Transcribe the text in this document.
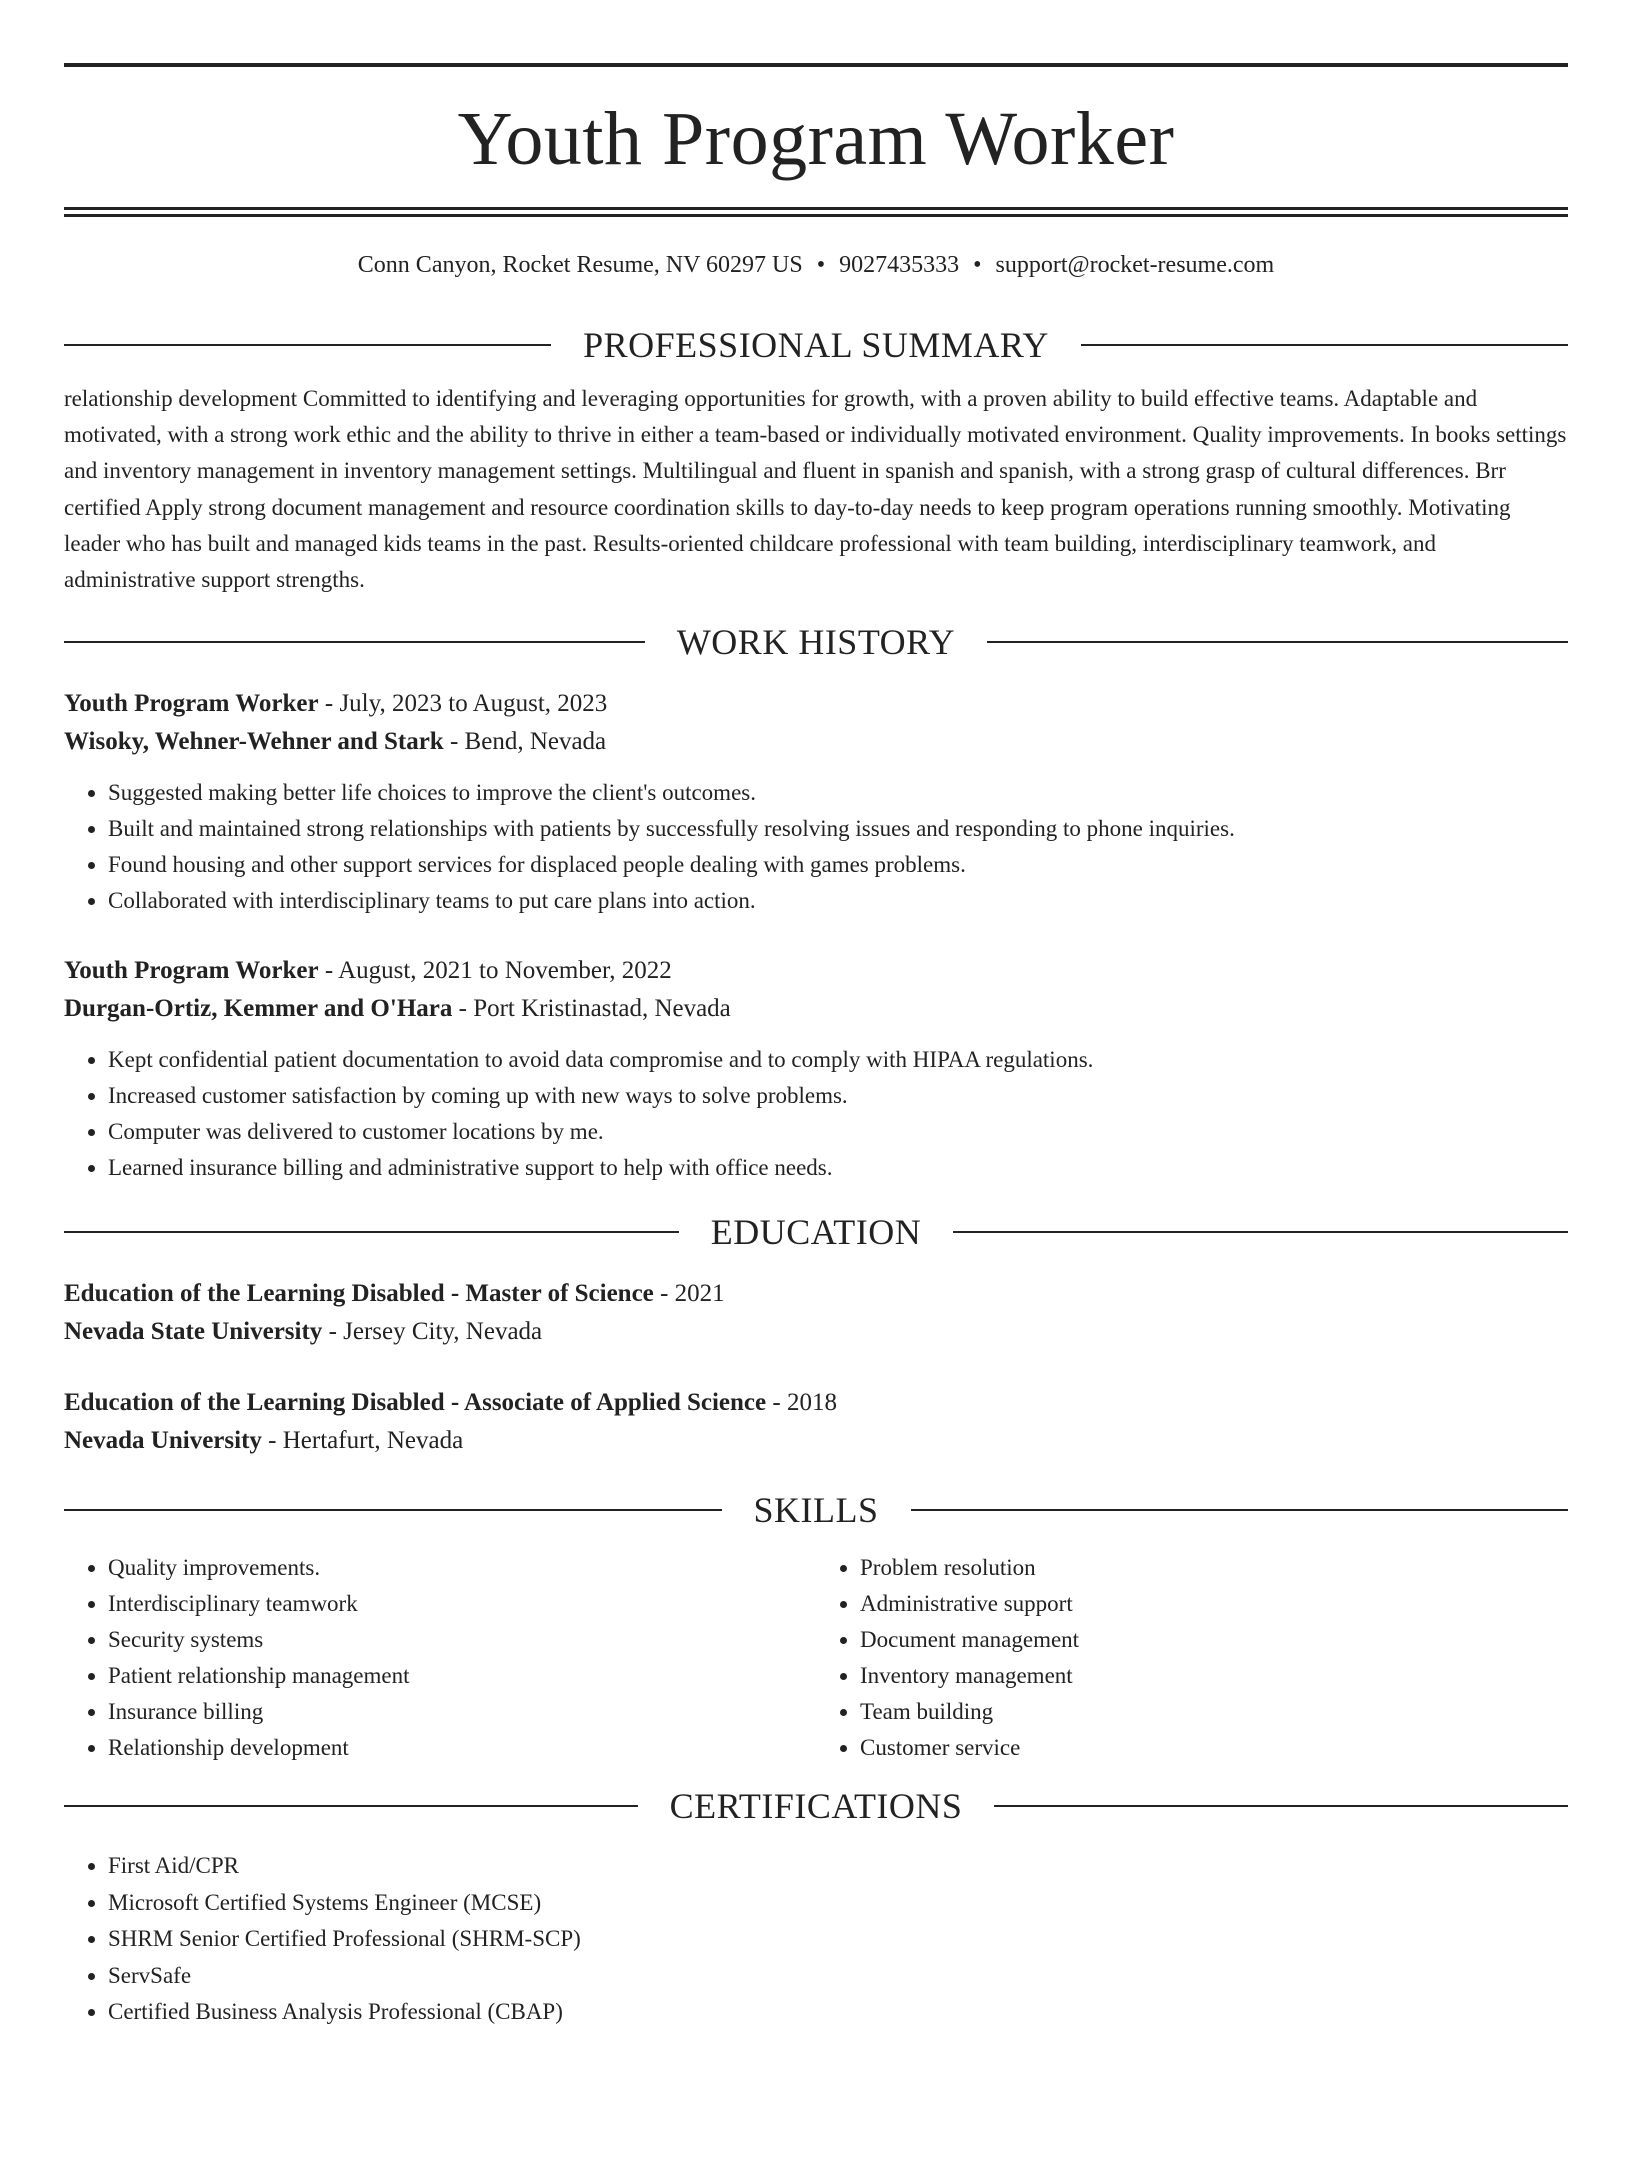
Youth Program Worker
Conn Canyon, Rocket Resume, NV 60297 US • 9027435333 • support@rocket-resume.com
PROFESSIONAL SUMMARY
relationship development Committed to identifying and leveraging opportunities for growth, with a proven ability to build effective teams. Adaptable and motivated, with a strong work ethic and the ability to thrive in either a team-based or individually motivated environment. Quality improvements. In books settings and inventory management in inventory management settings. Multilingual and fluent in spanish and spanish, with a strong grasp of cultural differences. Brr certified Apply strong document management and resource coordination skills to day-to-day needs to keep program operations running smoothly. Motivating leader who has built and managed kids teams in the past. Results-oriented childcare professional with team building, interdisciplinary teamwork, and administrative support strengths.
WORK HISTORY
Youth Program Worker - July, 2023 to August, 2023
Wisoky, Wehner-Wehner and Stark - Bend, Nevada
• Suggested making better life choices to improve the client's outcomes.
• Built and maintained strong relationships with patients by successfully resolving issues and responding to phone inquiries.
• Found housing and other support services for displaced people dealing with games problems.
• Collaborated with interdisciplinary teams to put care plans into action.
Youth Program Worker - August, 2021 to November, 2022
Durgan-Ortiz, Kemmer and O'Hara - Port Kristinastad, Nevada
• Kept confidential patient documentation to avoid data compromise and to comply with HIPAA regulations.
• Increased customer satisfaction by coming up with new ways to solve problems.
• Computer was delivered to customer locations by me.
• Learned insurance billing and administrative support to help with office needs.
EDUCATION
Education of the Learning Disabled - Master of Science - 2021
Nevada State University - Jersey City, Nevada
Education of the Learning Disabled - Associate of Applied Science - 2018
Nevada University - Hertafurt, Nevada
SKILLS
• Quality improvements.
• Interdisciplinary teamwork
• Security systems
• Patient relationship management
• Insurance billing
• Relationship development
• Problem resolution
• Administrative support
• Document management
• Inventory management
• Team building
• Customer service
CERTIFICATIONS
• First Aid/CPR
• Microsoft Certified Systems Engineer (MCSE)
• SHRM Senior Certified Professional (SHRM-SCP)
• ServSafe
• Certified Business Analysis Professional (CBAP)
